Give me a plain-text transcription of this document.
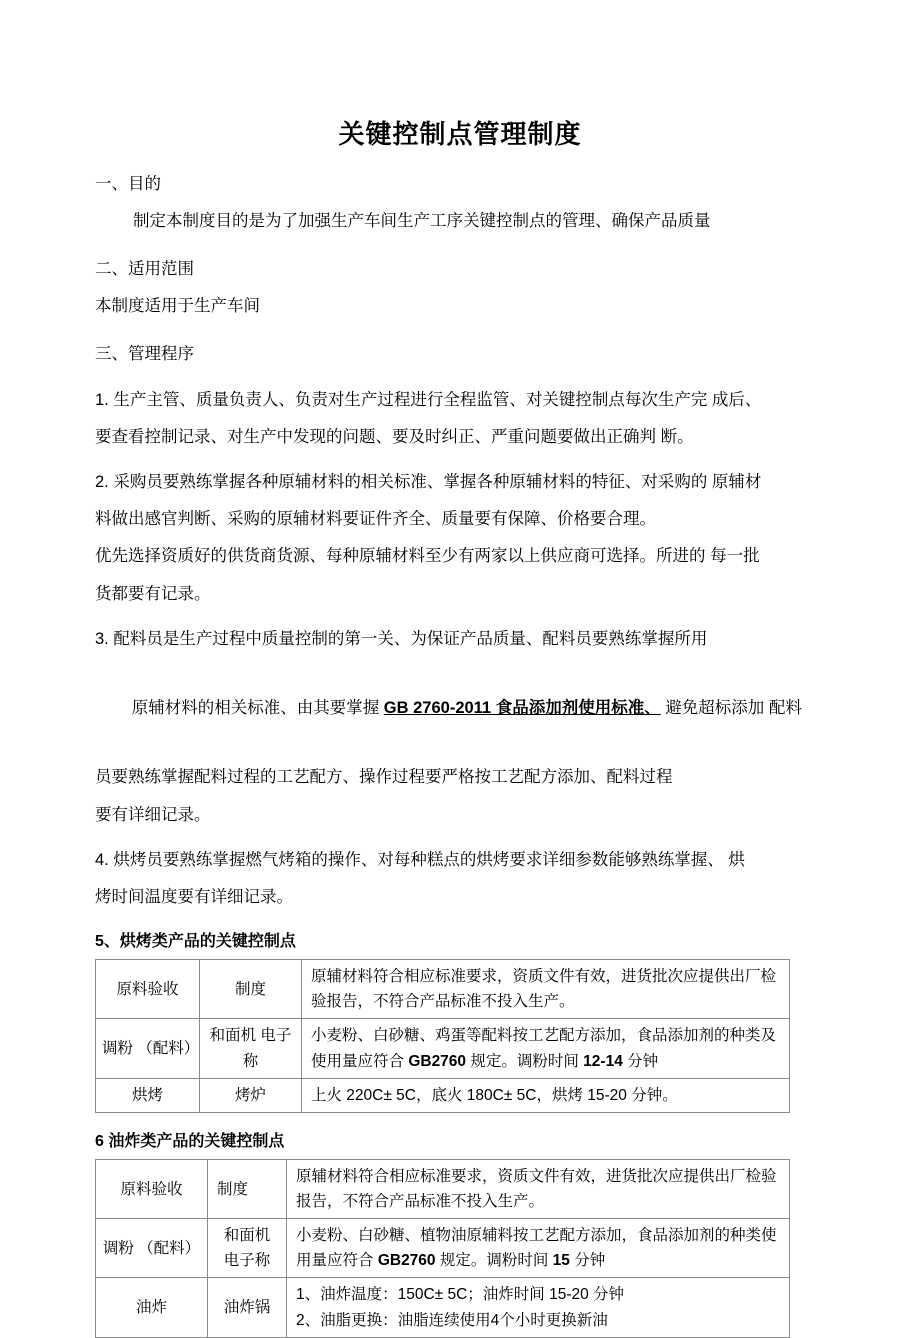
关键控制点管理制度

一、目的

制定本制度目的是为了加强生产车间生产工序关键控制点的管理、确保产品质量

二、适用范围

本制度适用于生产车间

三、管理程序

1. 生产主管、质量负责人、负责对生产过程进行全程监管、对关键控制点每次生产完 成后、

要查看控制记录、对生产中发现的问题、要及时纠正、严重问题要做出正确判 断。

2. 采购员要熟练掌握各种原辅材料的相关标准、掌握各种原辅材料的特征、对采购的 原辅材

料做出感官判断、采购的原辅材料要证件齐全、质量要有保障、价格要合理。

优先选择资质好的供货商货源、每种原辅材料至少有两家以上供应商可选择。所进的 每一批

货都要有记录。

3. 配料员是生产过程中质量控制的第一关、为保证产品质量、配料员要熟练掌握所用

原辅材料的相关标准、由其要掌握 GB 2760-2011 食品添加剂使用标准、 避免超标添加 配料

员要熟练掌握配料过程的工艺配方、操作过程要严格按工艺配方添加、配料过程

要有详细记录。

4. 烘烤员要熟练掌握燃气烤箱的操作、对每种糕点的烘烤要求详细参数能够熟练掌握、 烘

烤时间温度要有详细记录。

5、烘烤类产品的关键控制点

原料验收	制度	原辅材料符合相应标准要求，资质文件有效，进货批次应提供出厂检验报告，不符合产品标准不投入生产。
调粉 （配料）	和面机 电子称	小麦粉、白砂糖、鸡蛋等配料按工艺配方添加，食品添加剂的种类及使用量应符合 GB2760 规定。调粉时间 12-14 分钟
烘烤	烤炉	上火 220C± 5C，底火 180C± 5C，烘烤 15-20 分钟。

6 油炸类产品的关键控制点

原料验收	制度	原辅材料符合相应标准要求，资质文件有效，进货批次应提供出厂检验报告，不符合产品标准不投入生产。
调粉 （配料）	和面机 电子称	小麦粉、白砂糖、植物油原辅料按工艺配方添加，食品添加剂的种类使用量应符合 GB2760 规定。调粉时间 15 分钟
油炸	油炸锅	1、油炸温度：150C± 5C；油炸时间 15-20 分钟
2、油脂更换：油脂连续使用4个小时更换新油
